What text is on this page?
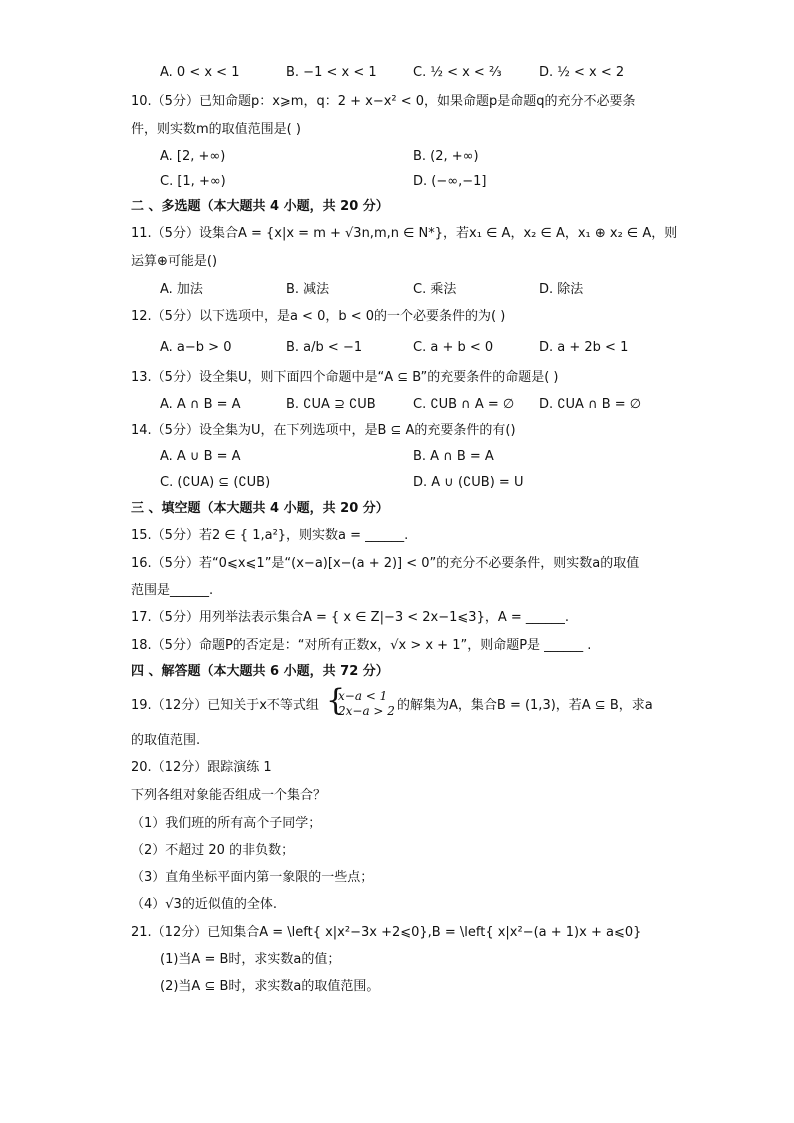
A. 0 < x < 1	B. −1 < x < 1	C. ½ < x < ⅔	D. ½ < x < 2
10.（5分）已知命题p：x⩾m，q：2 + x−x² < 0，如果命题p是命题q的充分不必要条
件，则实数m的取值范围是( )
A. [2, +∞)	B. (2, +∞)
C. [1, +∞)	D. (−∞,−1]
二 、多选题（本大题共 4 小题，共 20 分）
11.（5分）设集合A = {x|x = m + √3n,m,n ∈ N*}，若x₁ ∈ A，x₂ ∈ A，x₁ ⊕ x₂ ∈ A，则
运算⊕可能是()
A. 加法	B. 减法	C. 乘法	D. 除法
12.（5分）以下选项中，是a < 0，b < 0的一个必要条件的为( )
A. a−b > 0	B. a/b < −1	C. a + b < 0	D. a + 2b < 1
13.（5分）设全集U，则下面四个命题中是“A ⊆ B”的充要条件的命题是( )
A. A ∩ B = A	B. ∁UA ⊇ ∁UB	C. ∁UB ∩ A = ∅ D. ∁UA ∩ B = ∅
14.（5分）设全集为U，在下列选项中，是B ⊆ A的充要条件的有()
A. A ∪ B = A	B. A ∩ B = A
C. (∁UA) ⊆ (∁UB)	D. A ∪ (∁UB) = U
三 、填空题（本大题共 4 小题，共 20 分）
15.（5分）若2 ∈ { 1,a²}，则实数a = ______.
16.（5分）若“0⩽x⩽1”是“(x−a)[x−(a + 2)] < 0”的充分不必要条件，则实数a的取值
范围是______.
17.（5分）用列举法表示集合A = { x ∈ Z|−3 < 2x−1⩽3}，A = ______.
18.（5分）命题P的否定是：“对所有正数x，√x > x + 1”，则命题P是 ______ .
四 、解答题（本大题共 6 小题，共 72 分）
19.（12分）已知关于x不等式组 {
x−a < 1
2x−a > 2 的解集为A，集合B = (1,3)，若A ⊆ B，求a
的取值范围.
20.（12分）跟踪演练 1
下列各组对象能否组成一个集合？
（1）我们班的所有高个子同学；
（2）不超过 20 的非负数；
（3）直角坐标平面内第一象限的一些点；
（4）√3的近似值的全体.
21.（12分）已知集合A = \left{ x|x²−3x +2⩽0},B = \left{ x|x²−(a + 1)x + a⩽0}
(1)当A = B时，求实数a的值；
(2)当A ⊆ B时，求实数a的取值范围。
